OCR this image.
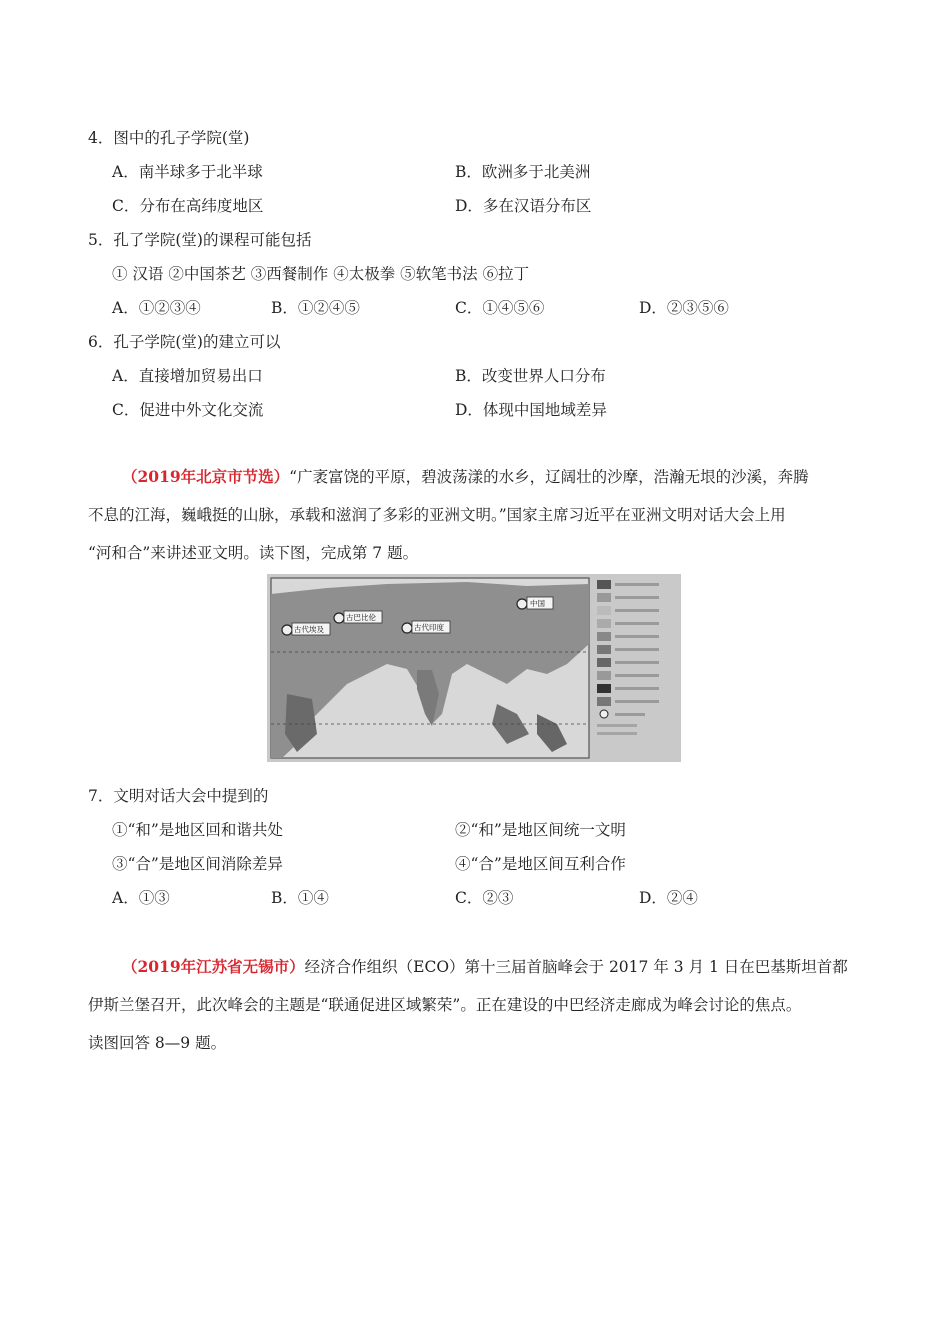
4．图中的孔子学院(堂)
A．南半球多于北半球	B．欧洲多于北美洲
C．分布在高纬度地区	D．多在汉语分布区
5．孔了学院(堂)的课程可能包括
① 汉语 ②中国茶艺 ③西餐制作 ④太极拳 ⑤软笔书法 ⑥拉丁
A．①②③④	B．①②④⑤	C．①④⑤⑥	D．②③⑤⑥
6．孔子学院(堂)的建立可以
A．直接增加贸易出口	B．改变世界人口分布
C．促进中外文化交流	D．体现中国地域差异
（2019年北京市节选）“广袤富饶的平原，碧波荡漾的水乡，辽阔壮的沙摩，浩瀚无垠的沙溪，奔腾
不息的江海，巍峨挺的山脉，承载和滋润了多彩的亚洲文明。”国家主席习近平在亚洲文明对话大会上用
“河和合”来讲述亚文明。读下图，完成第 7 题。
古代埃及
古巴比伦
古代印度
中国
7．文明对话大会中提到的
①“和”是地区回和谐共处	②“和”是地区间统一文明
③“合”是地区间消除差异	④“合”是地区间互利合作
A．①③	B．①④	C．②③	D．②④
（2019年江苏省无锡市）经济合作组织（ECO）第十三届首脑峰会于 2017 年 3 月 1 日在巴基斯坦首都
伊斯兰堡召开，此次峰会的主题是“联通促进区域繁荣”。正在建设的中巴经济走廊成为峰会讨论的焦点。
读图回答 8—9 题。
